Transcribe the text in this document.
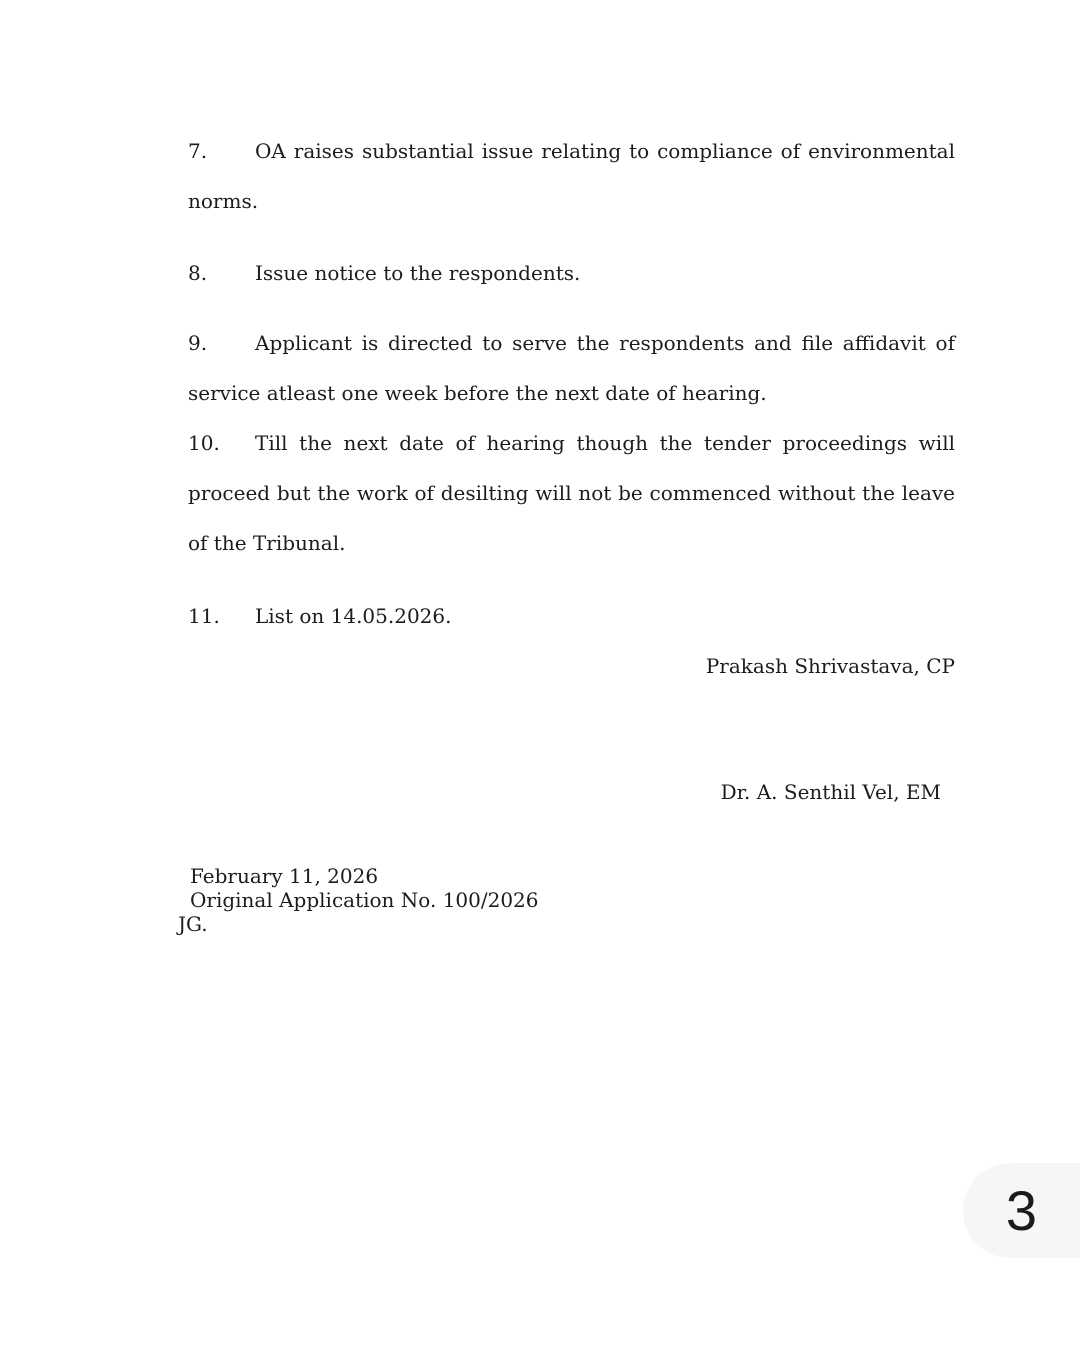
7. OA raises substantial issue relating to compliance of environmental norms.
8. Issue notice to the respondents.
9. Applicant is directed to serve the respondents and file affidavit of service atleast one week before the next date of hearing.
10. Till the next date of hearing though the tender proceedings will proceed but the work of desilting will not be commenced without the leave of the Tribunal.
11. List on 14.05.2026.
Prakash Shrivastava, CP
Dr. A. Senthil Vel, EM
February 11, 2026
Original Application No. 100/2026
JG.
3
